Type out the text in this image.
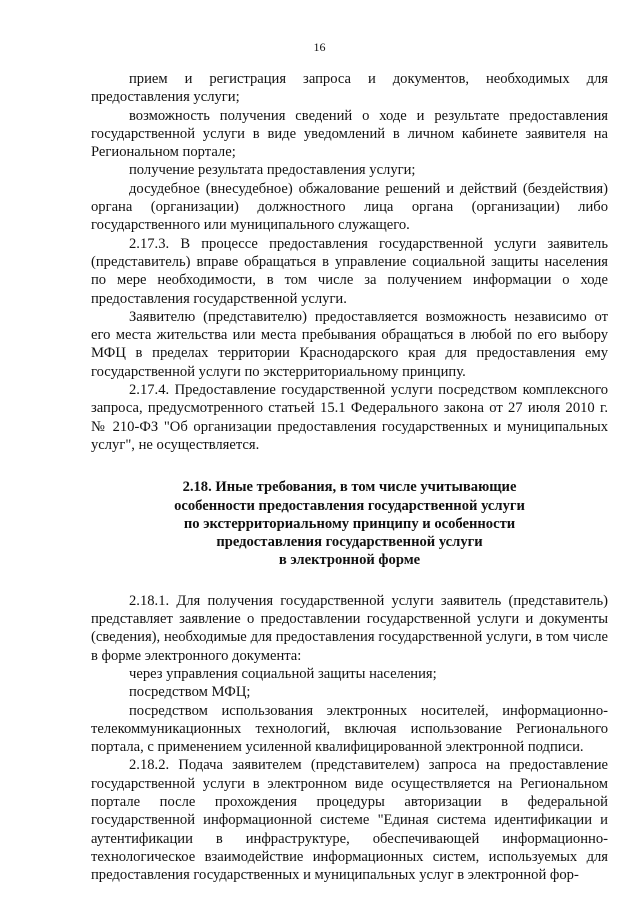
16

прием и регистрация запроса и документов, необходимых для предоставления услуги;

возможность получения сведений о ходе и результате предоставления государственной услуги в виде уведомлений в личном кабинете заявителя на Региональном портале;

получение результата предоставления услуги;

досудебное (внесудебное) обжалование решений и действий (бездействия) органа (организации) должностного лица органа (организации) либо государственного или муниципального служащего.

2.17.3. В процессе предоставления государственной услуги заявитель (представитель) вправе обращаться в управление социальной защиты населения по мере необходимости, в том числе за получением информации о ходе предоставления государственной услуги.

Заявителю (представителю) предоставляется возможность независимо от его места жительства или места пребывания обращаться в любой по его выбору МФЦ в пределах территории Краснодарского края для предоставления ему государственной услуги по экстерриториальному принципу.

2.17.4. Предоставление государственной услуги посредством комплексного запроса, предусмотренного статьей 15.1 Федерального закона от 27 июля 2010 г. № 210-ФЗ "Об организации предоставления государственных и муниципальных услуг", не осуществляется.

2.18. Иные требования, в том числе учитывающие
особенности предоставления государственной услуги
по экстерриториальному принципу и особенности
предоставления государственной услуги
в электронной форме

2.18.1. Для получения государственной услуги заявитель (представитель) представляет заявление о предоставлении государственной услуги и документы (сведения), необходимые для предоставления государственной услуги, в том числе в форме электронного документа:

через управления социальной защиты населения;

посредством МФЦ;

посредством использования электронных носителей, информационно-телекоммуникационных технологий, включая использование Регионального портала, с применением усиленной квалифицированной электронной подписи.

2.18.2. Подача заявителем (представителем) запроса на предоставление государственной услуги в электронном виде осуществляется на Региональном портале после прохождения процедуры авторизации в федеральной государственной информационной системе "Единая система идентификации и аутентификации в инфраструктуре, обеспечивающей информационно-технологическое взаимодействие информационных систем, используемых для предоставления государственных и муниципальных услуг в электронной фор-
